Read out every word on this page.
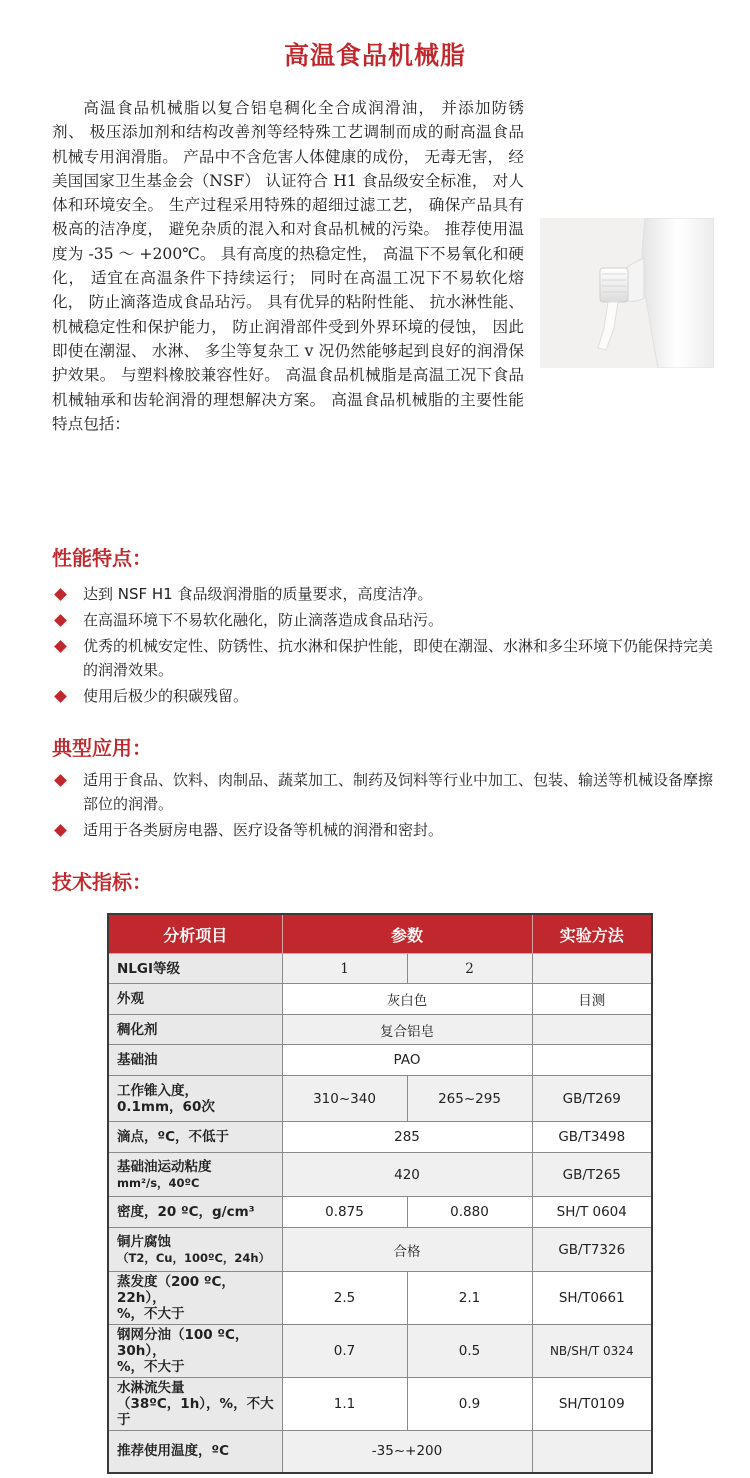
高温食品机械脂

高温食品机械脂以复合铝皂稠化全合成润滑油， 并添加防锈剂、 极压添加剂和结构改善剂等经特殊工艺调制而成的耐高温食品机械专用润滑脂。 产品中不含危害人体健康的成份， 无毒无害， 经美国国家卫生基金会（NSF） 认证符合 H1 食品级安全标准， 对人体和环境安全。 生产过程采用特殊的超细过滤工艺， 确保产品具有极高的洁净度， 避免杂质的混入和对食品机械的污染。 推荐使用温度为 -35 ～ +200℃。 具有高度的热稳定性， 高温下不易氧化和硬化， 适宜在高温条件下持续运行； 同时在高温工况下不易软化熔化， 防止滴落造成食品玷污。 具有优异的粘附性能、 抗水淋性能、 机械稳定性和保护能力， 防止润滑部件受到外界环境的侵蚀， 因此即使在潮湿、 水淋、 多尘等复杂工 v 况仍然能够起到良好的润滑保护效果。 与塑料橡胶兼容性好。 高温食品机械脂是高温工况下食品机械轴承和齿轮润滑的理想解决方案。 高温食品机械脂的主要性能特点包括：

性能特点：
达到 NSF H1 食品级润滑脂的质量要求，高度洁净。
在高温环境下不易软化融化，防止滴落造成食品玷污。
优秀的机械安定性、防锈性、抗水淋和保护性能，即使在潮湿、水淋和多尘环境下仍能保持完美的润滑效果。
使用后极少的积碳残留。
典型应用：
适用于食品、饮料、肉制品、蔬菜加工、制药及饲料等行业中加工、包装、输送等机械设备摩擦部位的润滑。
适用于各类厨房电器、医疗设备等机械的润滑和密封。
技术指标：
分析项目	参数		实验方法
NLGI等级	1	2	
外观	灰白色		目测
稠化剂	复合铝皂		
基础油	PAO		

工作锥入度，
0.1mm，60次	310~340	265~295	GB/T269
滴点，ºC，不低于	285		GB/T3498

基础油运动粘度
mm²/s，40ºC	420		GB/T265
密度，20 ºC，g/cm³	0.875	0.880	SH/T 0604

铜片腐蚀
（T2，Cu，100ºC，24h）	合格		GB/T7326

蒸发度（200 ºC，22h），
%，不大于	2.5	2.1	SH/T0661

钢网分油（100 ºC，30h），
%，不大于	0.7	0.5	NB/SH/T 0324

水淋流失量
（38ºC，1h），%，不大于	1.1	0.9	SH/T0109
推荐使用温度，ºC	-35~+200		
